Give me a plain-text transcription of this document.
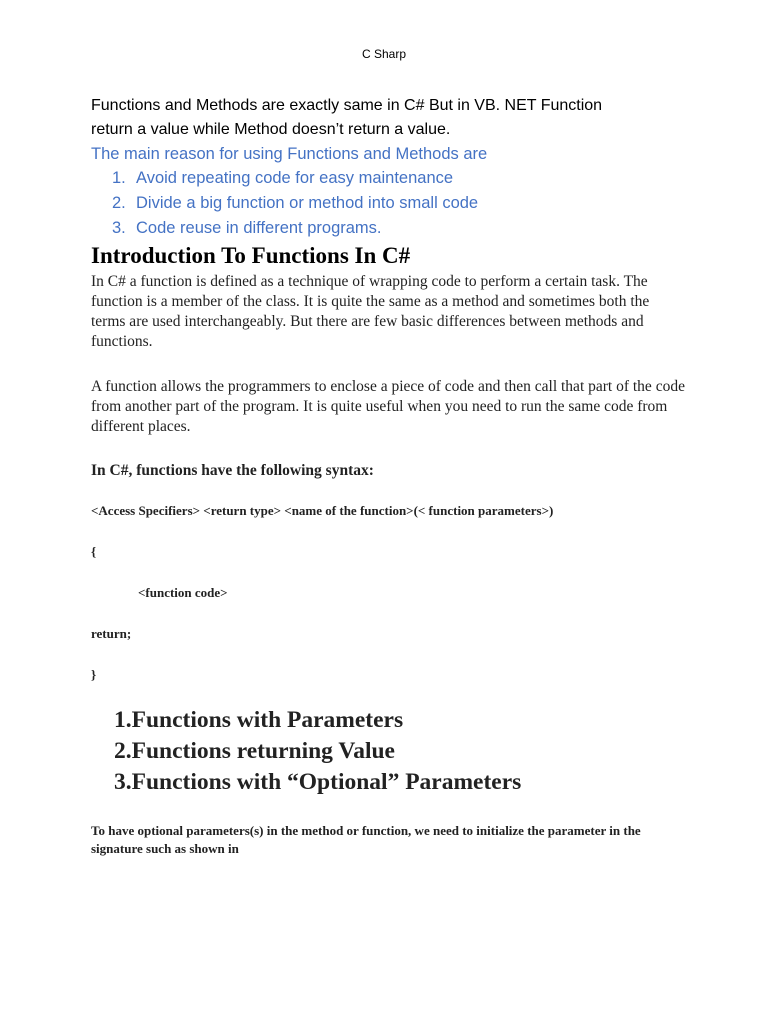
C Sharp
Functions and Methods are exactly same in C# But in VB. NET Function
return a value while Method doesn’t return a value.
The main reason for using Functions and Methods are
1. Avoid repeating code for easy maintenance
2. Divide a big function or method into small code
3. Code reuse in different programs.
Introduction To Functions In C#

In C# a function is defined as a technique of wrapping code to perform a certain task. The function is a member of the class. It is quite the same as a method and sometimes both the terms are used interchangeably. But there are few basic differences between methods and functions.

A function allows the programmers to enclose a piece of code and then call that part of the code from another part of the program. It is quite useful when you need to run the same code from different places.

In C#, functions have the following syntax:

<Access Specifiers> <return type> <name of the function>(< function parameters>)

{

<function code>

return;

}

1.Functions with Parameters
2.Functions returning Value
3.Functions with “Optional” Parameters

To have optional parameters(s) in the method or function, we need to initialize the parameter in the signature such as shown in
